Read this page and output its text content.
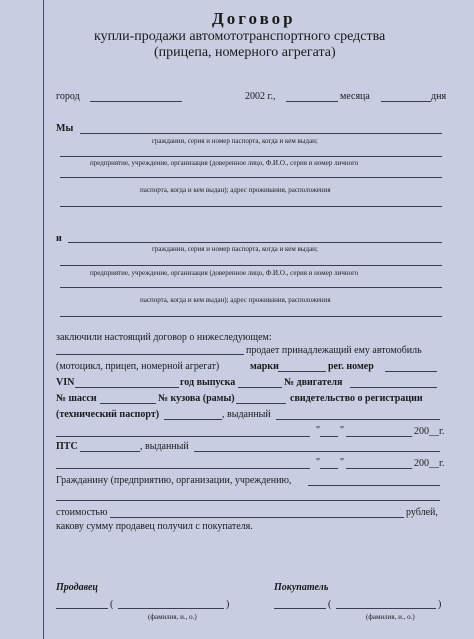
Договор
купли-продажи автомототранспортного средства
(прицепа, номерного агрегата)
город	2002 г.,	месяца	дня
Мы
граждании, серия и номер паспорта, когда и кем выдан;
предприятие, учреждение, организация (доверенное лицо, Ф.И.О., серия и номер личного
паспорта, когда и кем выдан); адрес проживания, расположения
и
граждании, серия и номер паспорта, когда и кем выдан;
предприятие, учреждение, организация (доверенное лицо, Ф.И.О., серия и номер личного
паспорта, когда и кем выдан); адрес проживания, расположения
заключили настоящий договор о нижеследующем:
продает принадлежащий ему автомобиль
(мотоцикл, прицеп, номерной агрегат)	марки	рег. номер
VIN	год выпуска	№ двигателя
№ шасси	№ кузова (рамы)	свидетельство о регистрации
(технический паспорт)	, выданный
" "	200__г.
ПТС	, выданный
" "	200__г.
Гражданину (предприятию, организации, учреждению,
стоимостью	рублей,
какову сумму продавец получил с покупателя.
Продавец
(	)
(фамилия, и., о.)
Покупатель
(	)
(фамилия, и., о.)
